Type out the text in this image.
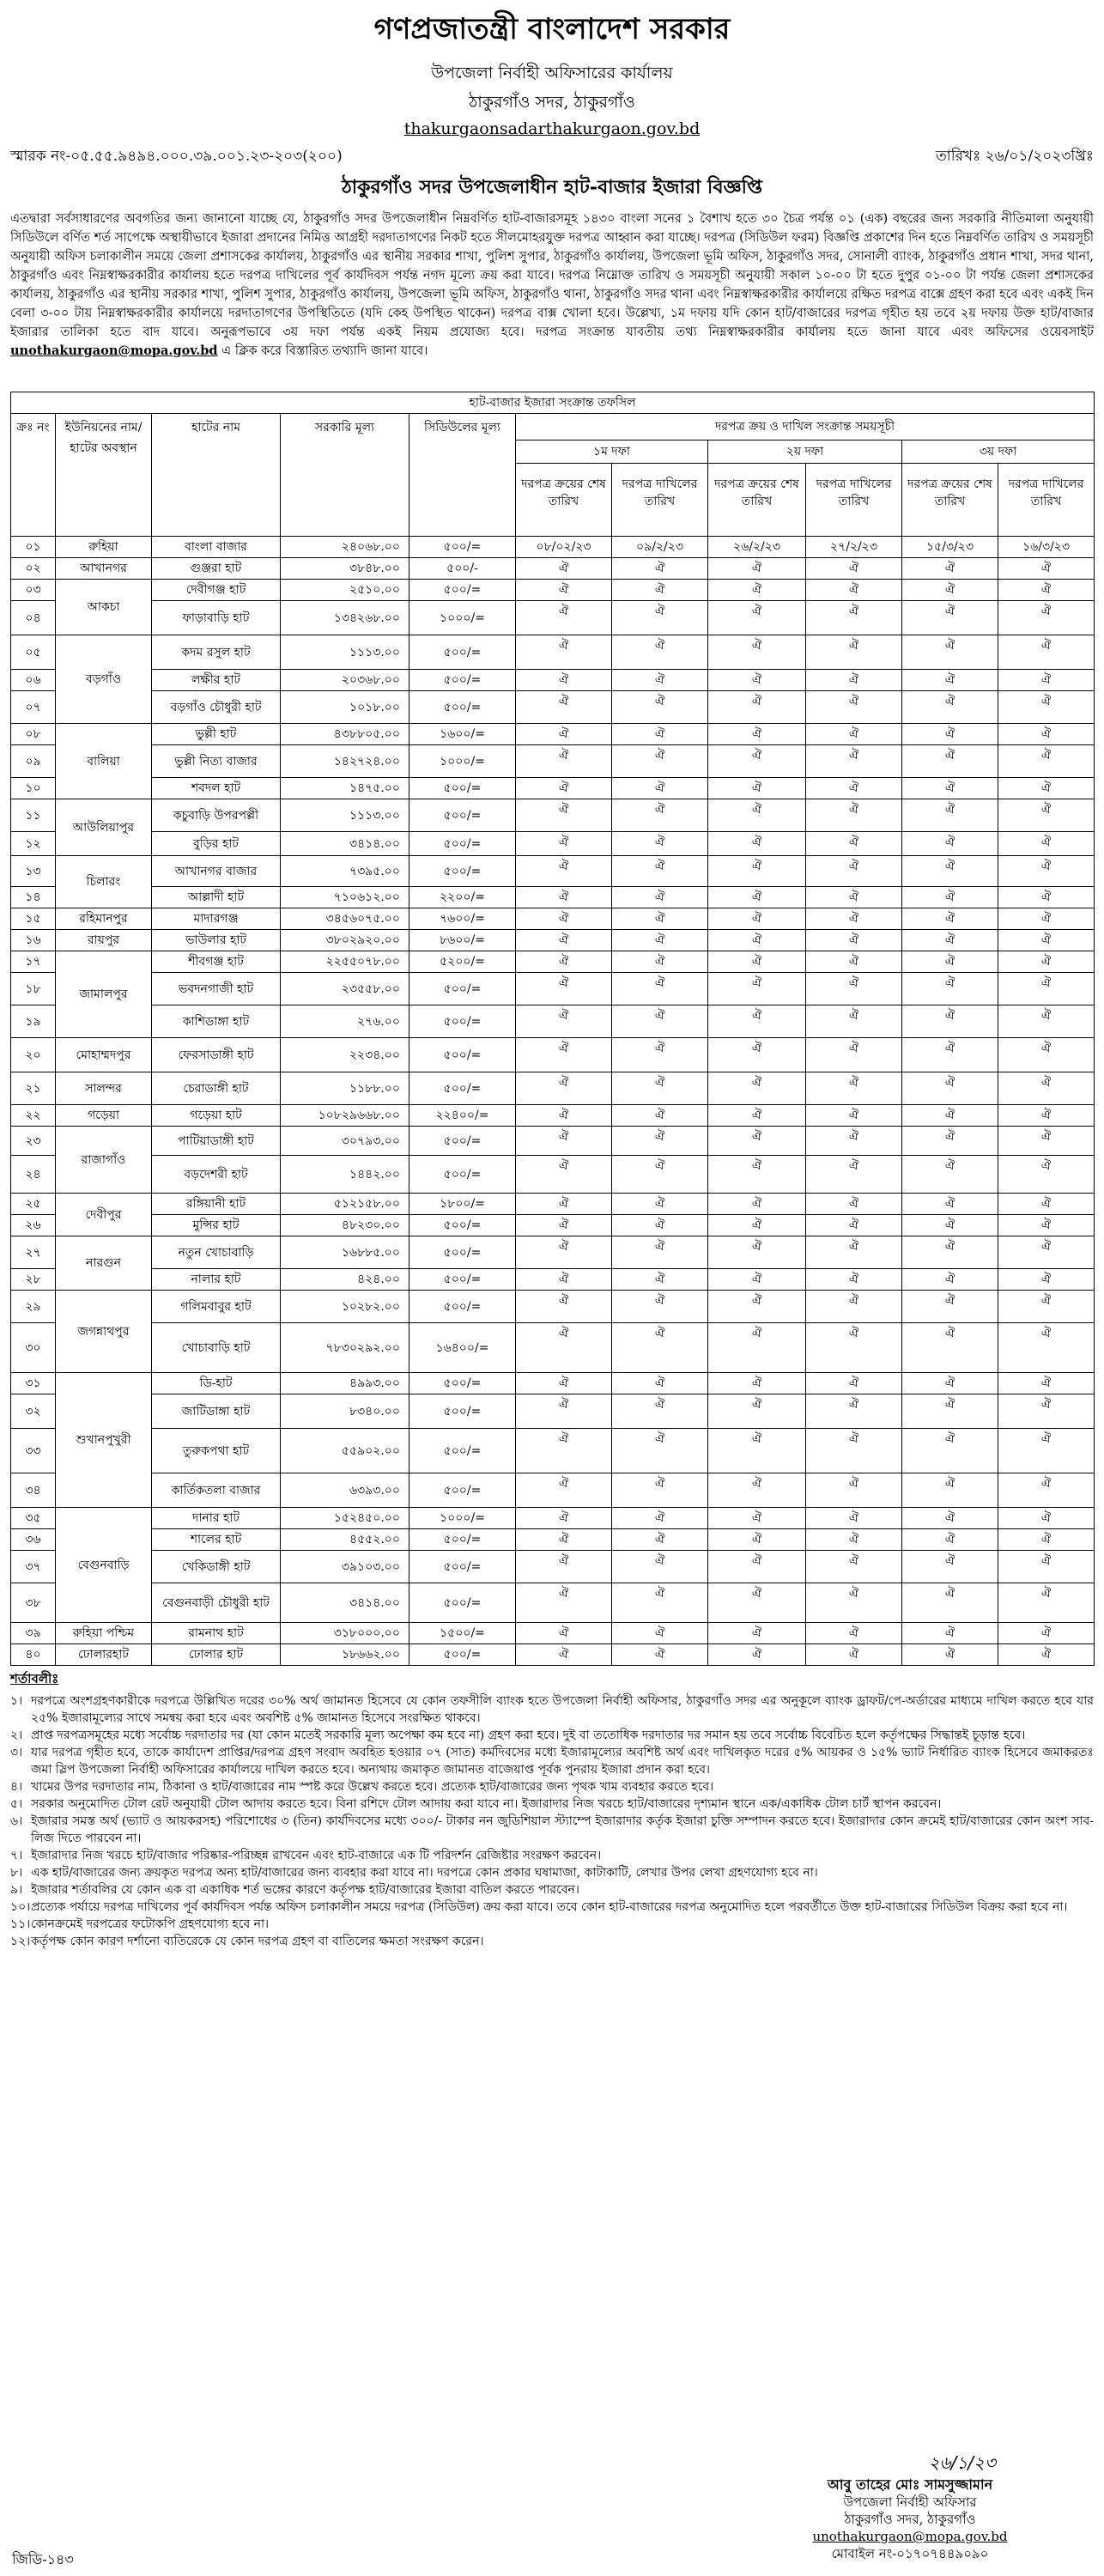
গণপ্রজাতন্ত্রী বাংলাদেশ সরকার
উপজেলা নির্বাহী অফিসারের কার্যালয়
ঠাকুরগাঁও সদর, ঠাকুরগাঁও
thakurgaonsadarthakurgaon.gov.bd
স্মারক নং-০৫.৫৫.৯৪৯৪.০০০.৩৯.০০১.২৩-২০৩(২০০)	তারিখঃ ২৬/০১/২০২৩খ্রিঃ
ঠাকুরগাঁও সদর উপজেলাধীন হাট-বাজার ইজারা বিজ্ঞপ্তি

এতদ্বারা সর্বসাধারণের অবগতির জন্য জানানো যাচ্ছে যে, ঠাকুরগাঁও সদর উপজেলাধীন নিম্নবর্ণিত হাট-বাজারসমূহ ১৪৩০ বাংলা সনের ১ বৈশাখ হতে ৩০ চৈত্র পর্যন্ত ০১ (এক) বছরের জন্য সরকারি নীতিমালা অনুযায়ী সিডিউলে বর্ণিত শর্ত সাপেক্ষে অস্থায়ীভাবে ইজারা প্রদানের নিমিত্ত আগ্রহী দরদাতাগণের নিকট হতে সীলমোহরযুক্ত দরপত্র আহ্বান করা যাচ্ছে। দরপত্র (সিডিউল ফরম) বিজ্ঞপ্তি প্রকাশের দিন হতে নিম্নবর্ণিত তারিখ ও সময়সূচী অনুযায়ী অফিস চলাকালীন সময়ে জেলা প্রশাসকের কার্যালয়, ঠাকুরগাঁও এর স্থানীয় সরকার শাখা, পুলিশ সুপার, ঠাকুরগাঁও কার্যালয়, উপজেলা ভূমি অফিস, ঠাকুরগাঁও সদর, সোনালী ব্যাংক, ঠাকুরগাঁও প্রধান শাখা, সদর থানা, ঠাকুরগাঁও এবং নিম্নস্বাক্ষরকারীর কার্যালয় হতে দরপত্র দাখিলের পূর্ব কার্যদিবস পর্যন্ত নগদ মূল্যে ক্রয় করা যাবে। দরপত্র নিম্নোক্ত তারিখ ও সময়সূচী অনুযায়ী সকাল ১০-০০ টা হতে দুপুর ০১-০০ টা পর্যন্ত জেলা প্রশাসকের কার্যালয়, ঠাকুরগাঁও এর স্থানীয় সরকার শাখা, পুলিশ সুপার, ঠাকুরগাঁও কার্যালয়, উপজেলা ভূমি অফিস, ঠাকুরগাঁও থানা, ঠাকুরগাঁও সদর থানা এবং নিম্নস্বাক্ষরকারীর কার্যালয়ে রক্ষিত দরপত্র বাক্সে গ্রহণ করা হবে এবং একই দিন বেলা ৩-০০ টায় নিম্নস্বাক্ষরকারীর কার্যালয়ে দরদাতাগণের উপস্থিতিতে (যদি কেহ উপস্থিত থাকেন) দরপত্র বাক্স খোলা হবে। উল্লেখ্য, ১ম দফায় যদি কোন হাট/বাজারের দরপত্র গৃহীত হয় তবে ২য় দফায় উক্ত হাট/বাজার ইজারার তালিকা হতে বাদ যাবে। অনুরূপভাবে ৩য় দফা পর্যন্ত একই নিয়ম প্রযোজ্য হবে। দরপত্র সংক্রান্ত যাবতীয় তথ্য নিম্নস্বাক্ষরকারীর কার্যালয় হতে জানা যাবে এবং অফিসের ওয়েবসাইট unothakurgaon@mopa.gov.bd এ ক্লিক করে বিস্তারিত তথ্যাদি জানা যাবে।

হাট-বাজার ইজারা সংক্রান্ত তফসিল										
ক্রঃ নং	ইউনিয়নের নাম/হাটের অবস্থান	হাটের নাম	সরকারি মূল্য	সিডিউলের মূল্য	দরপত্র ক্রয় ও দাখিল সংক্রান্ত সময়সূচী					
					১ম দফা		২য় দফা		৩য় দফা	
					দরপত্র ক্রয়ের শেষ তারিখ	দরপত্র দাখিলের তারিখ	দরপত্র ক্রয়ের শেষ তারিখ	দরপত্র দাখিলের তারিখ	দরপত্র ক্রয়ের শেষ তারিখ	দরপত্র দাখিলের তারিখ
০১	রুহিয়া	বাংলা বাজার	২৪০৬৮.০০	৫০০/=	০৮/০২/২৩	০৯/২/২৩	২৬/২/২৩	২৭/২/২৩	১৫/৩/২৩	১৬/৩/২৩
০২	আখানগর	গুঞ্জরা হাট	৩৮৪৮.০০	৫০০/-	ঐ	ঐ	ঐ	ঐ	ঐ	ঐ
০৩	আকচা	দেবীগঞ্জ হাট	২৫১০.০০	৫০০/=	ঐ	ঐ	ঐ	ঐ	ঐ	ঐ
০৪		ফাড়াবাড়ি হাট	১৩৪২৬৮.০০	১০০০/=	ঐ	ঐ	ঐ	ঐ	ঐ	ঐ
০৫	বড়গাঁও	কদম রসুল হাট	১১১৩.০০	৫০০/=	ঐ	ঐ	ঐ	ঐ	ঐ	ঐ
০৬		লক্ষীর হাট	২০৩৬৮.০০	৫০০/=	ঐ	ঐ	ঐ	ঐ	ঐ	ঐ
০৭		বড়গাঁও চৌধুরী হাট	১০১৮.০০	৫০০/=	ঐ	ঐ	ঐ	ঐ	ঐ	ঐ
০৮	বালিয়া	ভুল্লী হাট	৪৩৮৮০৫.০০	১৬০০/=	ঐ	ঐ	ঐ	ঐ	ঐ	ঐ
০৯		ভুল্লী নিত্য বাজার	১৪২৭২৪.০০	১০০০/=	ঐ	ঐ	ঐ	ঐ	ঐ	ঐ
১০		শবদল হাট	১৪৭৫.০০	৫০০/=	ঐ	ঐ	ঐ	ঐ	ঐ	ঐ
১১	আউলিয়াপুর	কচুবাড়ি উপরপল্লী	১১১৩.০০	৫০০/=	ঐ	ঐ	ঐ	ঐ	ঐ	ঐ
১২		বুড়ির হাট	৩৪১৪.০০	৫০০/=	ঐ	ঐ	ঐ	ঐ	ঐ	ঐ
১৩	চিলারং	আখানগর বাজার	৭৩৯৫.০০	৫০০/=	ঐ	ঐ	ঐ	ঐ	ঐ	ঐ
১৪		আল্লাদী হাট	৭১০৬১২.০০	২২০০/=	ঐ	ঐ	ঐ	ঐ	ঐ	ঐ
১৫	রহিমানপুর	মাদারগঞ্জ	৩৪৫৬০৭৫.০০	৭৬০০/=	ঐ	ঐ	ঐ	ঐ	ঐ	ঐ
১৬	রায়পুর	ভাউলার হাট	৩৮০২৯২০.০০	৮৬০০/=	ঐ	ঐ	ঐ	ঐ	ঐ	ঐ
১৭	জামালপুর	শীবগঞ্জ হাট	২২৫৫০৭৮.০০	৫২০০/=	ঐ	ঐ	ঐ	ঐ	ঐ	ঐ
১৮		ভবদনগাজী হাট	২৩৫৫৮.০০	৫০০/=	ঐ	ঐ	ঐ	ঐ	ঐ	ঐ
১৯		কাশিডাঙ্গা হাট	২৭৬.০০	৫০০/=	ঐ	ঐ	ঐ	ঐ	ঐ	ঐ
২০	মোহাম্মদপুর	ফেরসাডাঙ্গী হাট	২২৩৪.০০	৫০০/=	ঐ	ঐ	ঐ	ঐ	ঐ	ঐ
২১	সালন্দর	চেরাডাঙ্গী হাট	১১৮৮.০০	৫০০/=	ঐ	ঐ	ঐ	ঐ	ঐ	ঐ
২২	গড়েয়া	গড়েয়া হাট	১০৮২৯৬৬৮.০০	২২৪০০/=	ঐ	ঐ	ঐ	ঐ	ঐ	ঐ
২৩	রাজাগাঁও	পাটিয়াডাঙ্গী হাট	৩০৭৯৩.০০	৫০০/=	ঐ	ঐ	ঐ	ঐ	ঐ	ঐ
২৪		বড়দেশরী হাট	১৪৪২.০০	৫০০/=	ঐ	ঐ	ঐ	ঐ	ঐ	ঐ
২৫	দেবীপুর	রঙ্গিয়ানী হাট	৫১২১৫৮.০০	১৮০০/=	ঐ	ঐ	ঐ	ঐ	ঐ	ঐ
২৬		মুন্সির হাট	৪৮২৩০.০০	৫০০/=	ঐ	ঐ	ঐ	ঐ	ঐ	ঐ
২৭	নারগুন	নতুন খোচাবাড়ি	১৬৮৮৫.০০	৫০০/=	ঐ	ঐ	ঐ	ঐ	ঐ	ঐ
২৮		নালার হাট	৪২৪.০০	৫০০/=	ঐ	ঐ	ঐ	ঐ	ঐ	ঐ
২৯	জগন্নাথপুর	গলিমবাবুর হাট	১০২৮২.০০	৫০০/=	ঐ	ঐ	ঐ	ঐ	ঐ	ঐ
৩০		খোচাবাড়ি হাট	৭৮৩০২৯২.০০	১৬৪০০/=	ঐ	ঐ	ঐ	ঐ	ঐ	ঐ
৩১	শুখানপুখুরী	ডি-হাট	৪৯৯৩.০০	৫০০/=	ঐ	ঐ	ঐ	ঐ	ঐ	ঐ
৩২		জাটিডাঙ্গা হাট	৮৩৪০.০০	৫০০/=	ঐ	ঐ	ঐ	ঐ	ঐ	ঐ
৩৩		তুরুকপথা হাট	৫৫৯০২.০০	৫০০/=	ঐ	ঐ	ঐ	ঐ	ঐ	ঐ
৩৪		কার্তিকতলা বাজার	৬৩৯৩.০০	৫০০/=	ঐ	ঐ	ঐ	ঐ	ঐ	ঐ
৩৫	বেগুনবাড়ি	দানার হাট	১৫২৪৫০.০০	১০০০/=	ঐ	ঐ	ঐ	ঐ	ঐ	ঐ
৩৬		শালের হাট	৪৫৫২.০০	৫০০/=	ঐ	ঐ	ঐ	ঐ	ঐ	ঐ
৩৭		খেকিডাঙ্গী হাট	৩৯১০৩.০০	৫০০/=	ঐ	ঐ	ঐ	ঐ	ঐ	ঐ
৩৮		বেগুনবাড়ী চৌধুরী হাট	৩৪১৪.০০	৫০০/=	ঐ	ঐ	ঐ	ঐ	ঐ	ঐ
৩৯	রুহিয়া পশ্চিম	রামনাথ হাট	৩১৮০০০.০০	১৫০০/=	ঐ	ঐ	ঐ	ঐ	ঐ	ঐ
৪০	ঢোলারহাট	ঢোলার হাট	১৮৬৬২.০০	৫০০/=	ঐ	ঐ	ঐ	ঐ	ঐ	ঐ
শর্তাবলীঃ
১। দরপত্রে অংশগ্রহণকারীকে দরপত্রে উল্লিখিত দরের ৩০% অর্থ জামানত হিসেবে যে কোন তফসীলি ব্যাংক হতে উপজেলা নির্বাহী অফিসার, ঠাকুরগাঁও সদর এর অনুকূলে ব্যাংক ড্রাফট/পে-অর্ডারের মাধ্যমে দাখিল করতে হবে যার ২৫% ইজারামূল্যের সাথে সমন্বয় করা হবে এবং অবশিষ্ট ৫% জামানত হিসেবে সংরক্ষিত থাকবে।
২। প্রাপ্ত দরপত্রসমূহের মধ্যে সর্বোচ্চ দরদাতার দর (যা কোন মতেই সরকারি মূল্য অপেক্ষা কম হবে না) গ্রহণ করা হবে। দুই বা ততোধিক দরদাতার দর সমান হয় তবে সর্বোচ্চ বিবেচিত হলে কর্তৃপক্ষের সিদ্ধান্তই চূড়ান্ত হবে।
৩। যার দরপত্র গৃহীত হবে, তাকে কার্যাদেশ প্রাপ্তির/দরপত্র গ্রহণ সংবাদ অবহিত হওয়ার ০৭ (সাত) কর্মদিবসের মধ্যে ইজারামূল্যের অবশিষ্ট অর্থ এবং দাখিলকৃত দরের ৫% আয়কর ও ১৫% ভ্যাট নির্ধারিত ব্যাংক হিসেবে জমাকরতঃ জমা স্লিপ উপজেলা নির্বাহী অফিসারের কার্যালয়ে দাখিল করতে হবে। অন্যথায় জমাকৃত জামানত বাজেয়াপ্ত পূর্বক পুনরায় ইজারা প্রদান করা হবে।
৪। খামের উপর দরদাতার নাম, ঠিকানা ও হাট/বাজারের নাম স্পষ্ট করে উল্লেখ করতে হবে। প্রত্যেক হাট/বাজারের জন্য পৃথক খাম ব্যবহার করতে হবে।
৫। সরকার অনুমোদিত টোল রেট অনুযায়ী টোল আদায় করতে হবে। বিনা রশিদে টোল আদায় করা যাবে না। ইজারাদার নিজ খরচে হাট/বাজারের দৃশ্যমান স্থানে এক/একাধিক টোল চার্ট স্থাপন করবেন।
৬। ইজারার সমস্ত অর্থ (ভ্যাট ও আয়করসহ) পরিশোধের ৩ (তিন) কার্যদিবসের মধ্যে ৩০০/- টাকার নন জুডিশিয়াল স্ট্যাম্পে ইজারাদার কর্তৃক ইজারা চুক্তি সম্পাদন করতে হবে। ইজারাদার কোন ক্রমেই হাট/বাজারের কোন অংশ সাব-লিজ দিতে পারবেন না।
৭। ইজারাদার নিজ খরচে হাট/বাজার পরিষ্কার-পরিচ্ছন্ন রাখবেন এবং হাট-বাজারে এক টি পরিদর্শন রেজিষ্টার সংরক্ষণ করবেন।
৮। এক হাট/বাজারের জন্য ক্রয়কৃত দরপত্র অন্য হাট/বাজারের জন্য ব্যবহার করা যাবে না। দরপত্রে কোন প্রকার ঘষামাজা, কাটাকাটি, লেখার উপর লেখা গ্রহণযোগ্য হবে না।
৯। ইজারার শর্তাবলির যে কোন এক বা একাধিক শর্ত ভঙ্গের কারণে কর্তৃপক্ষ হাট/বাজারের ইজারা বাতিল করতে পারবেন।
১০। প্রত্যেক পর্যায়ে দরপত্র দাখিলের পূর্ব কার্যদিবস পর্যন্ত অফিস চলাকালীন সময়ে দরপত্র (সিডিউল) ক্রয় করা যাবে। তবে কোন হাট-বাজারের দরপত্র অনুমোদিত হলে পরবর্তীতে উক্ত হাট-বাজারের সিডিউল বিক্রয় করা হবে না।
১১। কোনক্রমেই দরপত্রের ফটোকপি গ্রহণযোগ্য হবে না।
১২। কর্তৃপক্ষ কোন কারণ দর্শানো ব্যতিরেকে যে কোন দরপত্র গ্রহণ বা বাতিলের ক্ষমতা সংরক্ষণ করেন।
২৬/১/২৩
আবু তাহের মোঃ সামসুজ্জামান
উপজেলা নির্বাহী অফিসার
ঠাকুরগাঁও সদর, ঠাকুরগাঁও
unothakurgaon@mopa.gov.bd
মোবাইল নং-০১৭০৭৪৪৯০৯০
জিডি-১৪৩
